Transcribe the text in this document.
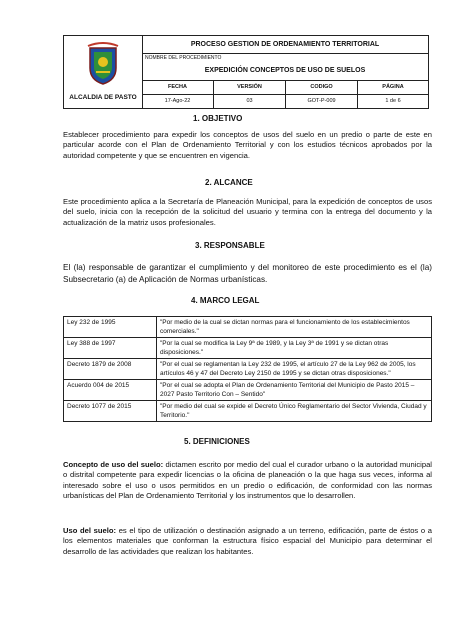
ALCALDIA DE PASTO
PROCESO GESTION DE ORDENAMIENTO TERRITORIAL
NOMBRE DEL PROCEDIMIENTO
EXPEDICIÓN CONCEPTOS DE USO DE SUELOS
FECHA	VERSIÓN	CODIGO	PÁGINA
17-Ago-22	03	GOT-P-009	1 de 6
1. OBJETIVO

Establecer procedimiento para expedir los conceptos de usos del suelo en un predio o parte de este en particular acorde con el Plan de Ordenamiento Territorial y con los estudios técnicos aprobados por la autoridad competente y que se encuentren en vigencia.

2. ALCANCE

Este procedimiento aplica a la Secretaría de Planeación Municipal, para la expedición de conceptos de usos del suelo, inicia con la recepción de la solicitud del usuario y termina con la entrega del documento y la actualización de la matriz usos profesionales.

3. RESPONSABLE

El (la) responsable de garantizar el cumplimiento y del monitoreo de este procedimiento es el (la) Subsecretario (a) de Aplicación de Normas urbanísticas.

4. MARCO LEGAL
Ley 232 de 1995	"Por medio de la cual se dictan normas para el funcionamiento de los establecimientos comerciales."
Ley 388 de 1997	"Por la cual se modifica la Ley 9ª de 1989, y la Ley 3ª de 1991 y se dictan otras disposiciones."
Decreto 1879 de 2008	"Por el cual se reglamentan la Ley 232 de 1995, el artículo 27 de la Ley 962 de 2005, los artículos 46 y 47 del Decreto Ley 2150 de 1995 y se dictan otras disposiciones."
Acuerdo 004 de 2015	"Por el cual se adopta el Plan de Ordenamiento Territorial del Municipio de Pasto 2015 – 2027 Pasto Territorio Con – Sentido"
Decreto 1077 de 2015	"Por medio del cual se expide el Decreto Único Reglamentario del Sector Vivienda, Ciudad y Territorio."
5. DEFINICIONES

Concepto de uso del suelo: dictamen escrito por medio del cual el curador urbano o la autoridad municipal o distrital competente para expedir licencias o la oficina de planeación o la que haga sus veces, informa al interesado sobre el uso o usos permitidos en un predio o edificación, de conformidad con las normas urbanísticas del Plan de Ordenamiento Territorial y los instrumentos que lo desarrollen.

Uso del suelo: es el tipo de utilización o destinación asignado a un terreno, edificación, parte de éstos o a los elementos materiales que conforman la estructura físico espacial del Municipio para determinar el desarrollo de las actividades que realizan los habitantes.
